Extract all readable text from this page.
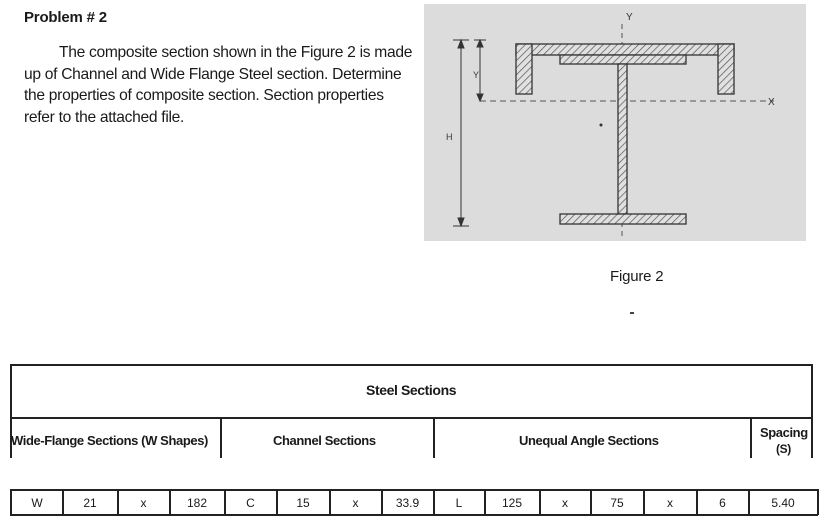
Problem # 2
The composite section shown in the Figure 2 is made up of Channel and Wide Flange Steel section. Determine the properties of composite section. Section properties refer to the attached file.
H
Y
Y
X
Figure 2
Steel Sections
Wide-Flange Sections (W Shapes)	Channel Sections	Unequal Angle Sections
Spacing
(S)
W	21	x	182	C	15	x	33.9	L	125	x	75	x	6	5.40
